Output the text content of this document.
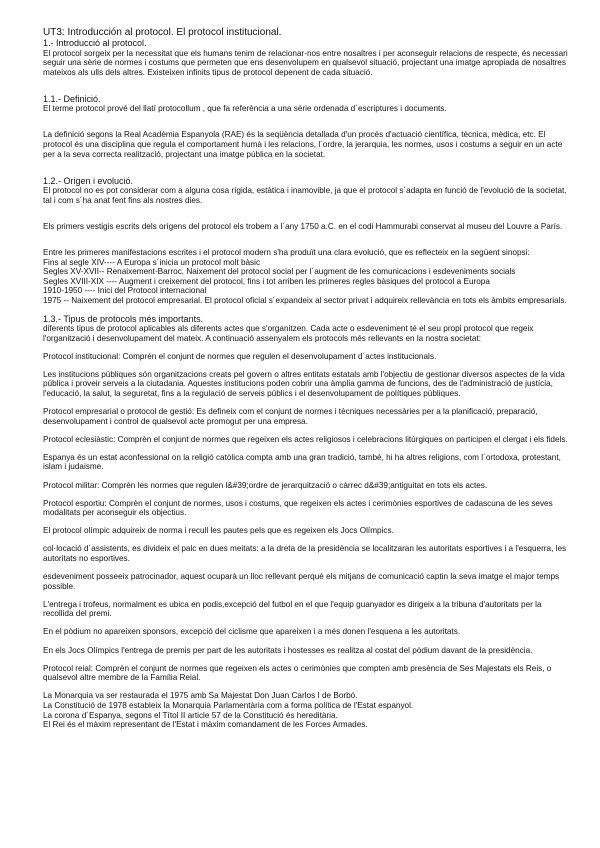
UT3: Introducción al protocol. El protocol institucional.
1.- Introducció al protocol.

El protocol sorgeix per la necessitat que els humans tenim de relacionar-nos entre nosaltres i per aconseguir relacions de respecte, és necessari seguir una sèrie de normes i costums que permeten que ens desenvolupem en qualsevol situació, projectant una imatge apropiada de nosaltres mateixos als ulls dels altres. Existeixen infinits tipus de protocol depenent de cada situació.

1.1.- Definició.

El terme protocol prové del llatí protocollum , que fa referència a una sèrie ordenada d´escriptures i documents.

La definició segons la Real Acadèmia Espanyola (RAE) és la seqüència detallada d'un procés d'actuació científica, tècnica, mèdica, etc. El protocol és una disciplina que regula el comportament humà i les relacions, l´ordre, la jerarquia, les normes, usos i costums a seguir en un acte per a la seva correcta realització, projectant una imatge pública en la societat.

1.2.- Origen i evolució.

El protocol no es pot considerar com a alguna cosa rígida, estàtica i inamovible, ja que el protocol s´adapta en funció de l'evolució de la societat, tal i com s´ha anat fent fins als nostres dies.

Els primers vestigis escrits dels orígens del protocol els trobem a l´any 1750 a.C. en el codi Hammurabi conservat al museu del Louvre a París.

Entre les primeres manifestacions escrites i el protocol modern s'ha produït una clara evolució, que es reflecteix en la següent sinopsi:

Fins al segle XIV---- A Europa s´inicia un protocol molt bàsic
Segles XV-XVII-- Renaixement-Barroc. Naixement del protocol social per l´augment de les comunicacions i esdeveniments socials
Segles XVIII-XIX ---- Augment i creixement del protocol, fins i tot arriben les primeres regles bàsiques del protocol a Europa
1910-1950 ---- Inici del Protocol internacional
1975 -- Naixement del protocol empresarial. El protocol oficial s´expandeix al sector privat i adquireix rellevància en tots els àmbits empresarials.
1.3.- Tipus de protocols més importants.

diferents tipus de protocol aplicables als diferents actes que s'organitzen. Cada acte o esdeveniment té el seu propi protocol que regeix l'organització i desenvolupament del mateix. A continuació assenyalem els protocols més rellevants en la nostra societat:

Protocol institucional: Comprèn el conjunt de normes que regulen el desenvolupament d´actes institucionals.

Les institucions públiques són organitzacions creats pel govern o altres entitats estatals amb l'objectiu de gestionar diversos aspectes de la vida pública i proveir serveis a la ciutadania. Aquestes institucions poden cobrir una àmplia gamma de funcions, des de l'administració de justícia, l'educació, la salut, la seguretat, fins a la regulació de serveis públics i el desenvolupament de polítiques públiques.

Protocol empresarial o protocol de gestió: Es defineix com el conjunt de normes i tècniques necessàries per a la planificació, preparació, desenvolupament i control de qualsevol acte promogut per una empresa.

Protocol eclesiàstic: Comprèn el conjunt de normes que regeixen els actes religiosos i celebracions litúrgiques on participen el clergat i els fidels.

Espanya és un estat aconfessional on la religió catòlica compta amb una gran tradició, també, hi ha altres religions, com l´ortodoxa, protestant, islam i judaisme.

Protocol militar: Comprèn les normes que regulen l&#39;ordre de jerarquització o càrrec d&#39;antiguitat en tots els actes.

Protocol esportiu: Comprèn el conjunt de normes, usos i costums, que regeixen els actes i cerimònies esportives de cadascuna de les seves modalitats per aconseguir els objectius.

El protocol olímpic adquireix de norma i recull les pautes pels que es regeixen els Jocs Olímpics.

col·locació d´assistents, es divideix el palc en dues meitats: a la dreta de la presidència se localitzaran les autoritats esportives i a l'esquerra, les autoritats no esportives.

esdeveniment posseeix patrocinador, aquest ocuparà un lloc rellevant perquè els mitjans de comunicació captin la seva imatge el major temps possible.

L'entrega i trofeus, normalment es ubica en podis,excepció del futbol en el que l'equip guanyador es dirigeix a la tribuna d'autoritats per la recollida del premi.

En el pòdium no apareixen sponsors, excepció del ciclisme que apareixen i a més donen l'esquena a les autoritats.

En els Jocs Olímpics l'entrega de premis per part de les autoritats i hostesses es realitza al costat del pòdium davant de la presidència.

Protocol reial: Comprèn el conjunt de normes que regeixen els actes o cerimònies que compten amb presència de Ses Majestats els Reis, o qualsevol altre membre de la Família Reial.

La Monarquia va ser restaurada el 1975 amb Sa Majestat Don Juan Carlos I de Borbó.
La Constitució de 1978 estableix la Monarquia Parlamentària com a forma política de l'Estat espanyol.
La corona d´Espanya, segons el Títol II article 57 de la Constitució és hereditària.
El Rei és el màxim representant de l'Estat i màxim comandament de les Forces Armades.
